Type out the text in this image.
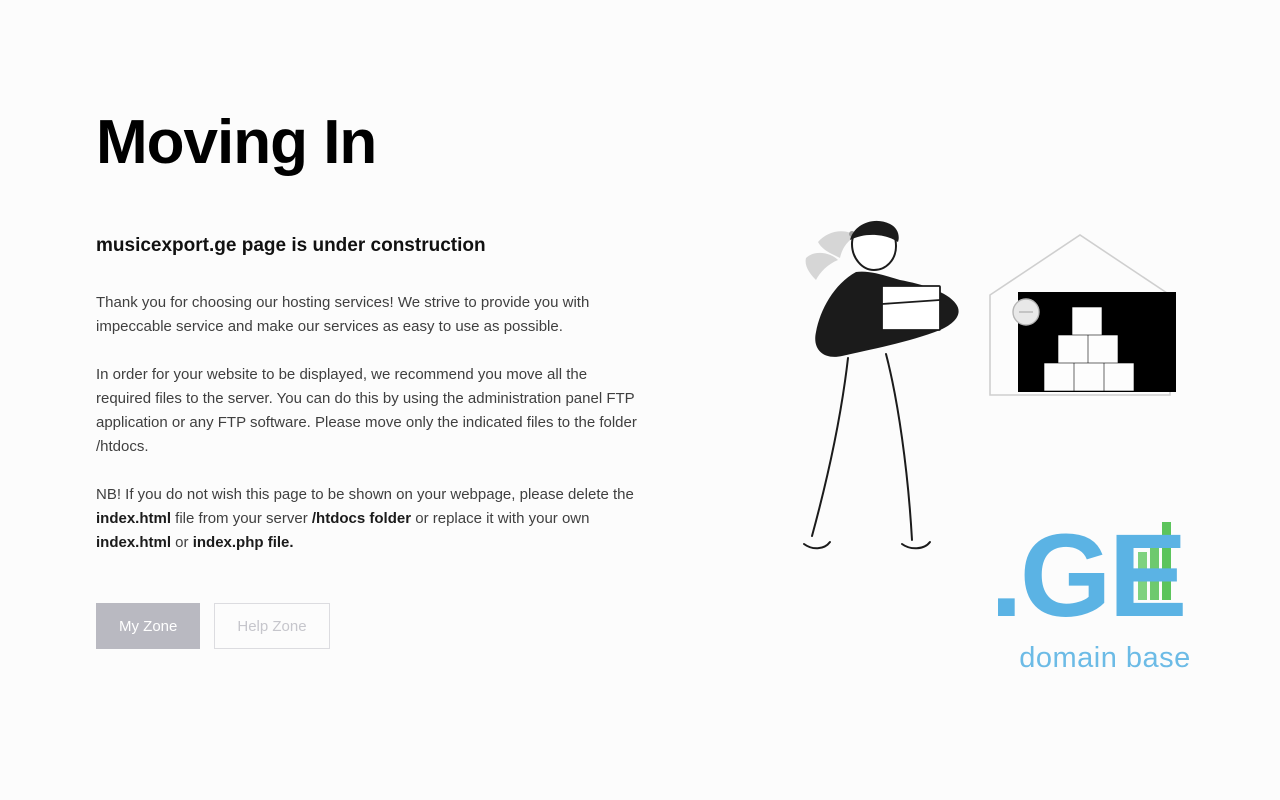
Moving In
musicexport.ge page is under construction

Thank you for choosing our hosting services! We strive to provide you with impeccable service and make our services as easy to use as possible.

In order for your website to be displayed, we recommend you move all the required files to the server. You can do this by using the administration panel FTP application or any FTP software. Please move only the indicated files to the folder /htdocs.

NB! If you do not wish this page to be shown on your webpage, please delete the index.html file from your server /htdocs folder or replace it with your own index.html or index.php file.

My Zone	Help Zone	.GE
domain base
